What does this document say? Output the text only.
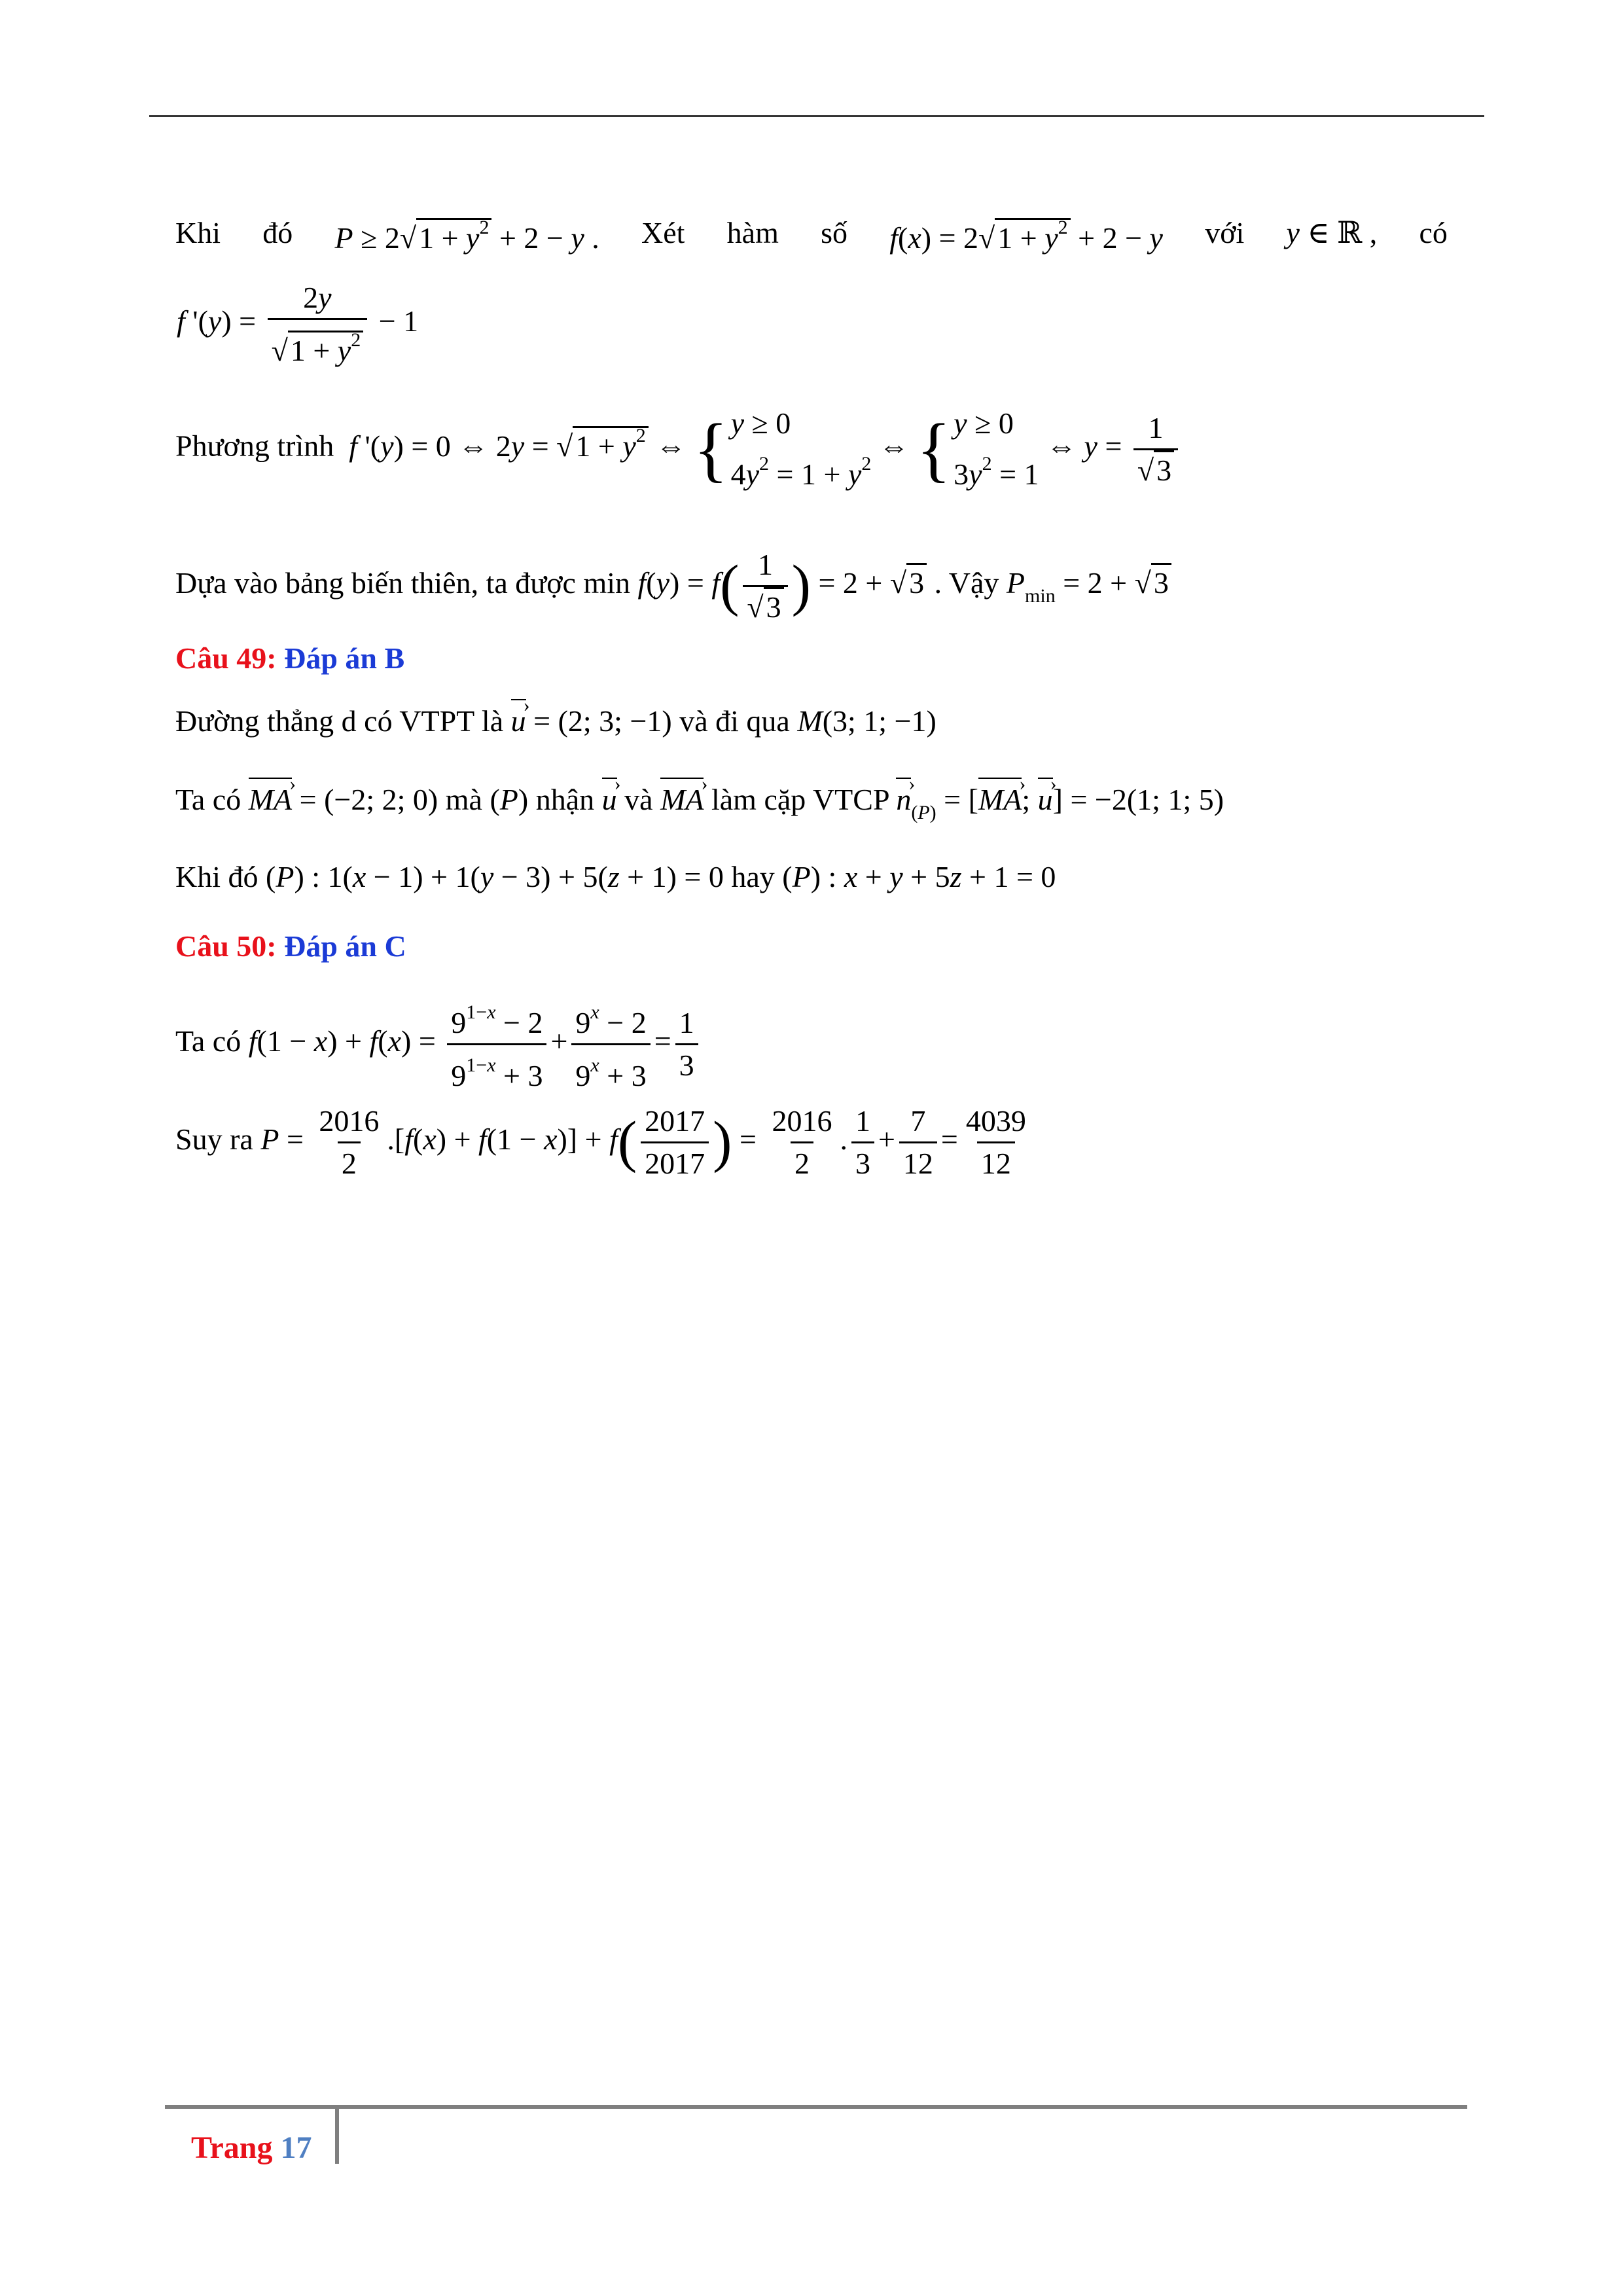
Khi đó $P \ge 2√1 + y^2 + 2 - y$ . Xét hàm số $f(x) = 2√1 + y^2 + 2 - y$ với y ∈ ℝ , có
f '$(y) = \frac{2y}{√1 + y^2} - 1$
Phương trình f '(y) = 0 ⇔ $2y = √1 + y^2$ ⇔ { y ≥ 0
$4y^2 = 1 + y^2$
⇔ { y ≥ 0
$3y^2 = 1$
⇔ $y = \frac{1}{√3}$
Dựa vào bảng biến thiên, ta được $\min f(y) = f( \frac{1}{√3}$ ) = 2 + √3 . Vậy $P_{min} = 2 + √3$
Câu 49: Đáp án B
Đường thẳng d có VTPT là u › = (2; 3; −1) và đi qua M(3; 1; −1)
Ta có MA › = (−2; 2; 0) mà (P) nhận u › và MA › làm cặp VTCP n $›_{(P)} = [MA$ ›; u ›] = −2(1; 1; 5)
Khi đó (P) : 1(x − 1) + 1(y − 3) + 5(z + 1) = 0 hay (P) : x + y + 5z + 1 = 0
Câu 50: Đáp án C
Ta có $f(1 - x) + f(x) = \frac{9^{1-x} - 2}{9^{1-x} + 3} + \frac{9^x - 2}{9^x + 3} = \frac{1}{3}$
Suy ra $P = \frac{2016}{2} .[f(x) + f(1 - x)] + f( \frac{2017}{2017}$ ) = $\frac{2016}{2}$ . $\frac{1}{3} + \frac{7}{12} = \frac{4039}{12}$
Trang 17
